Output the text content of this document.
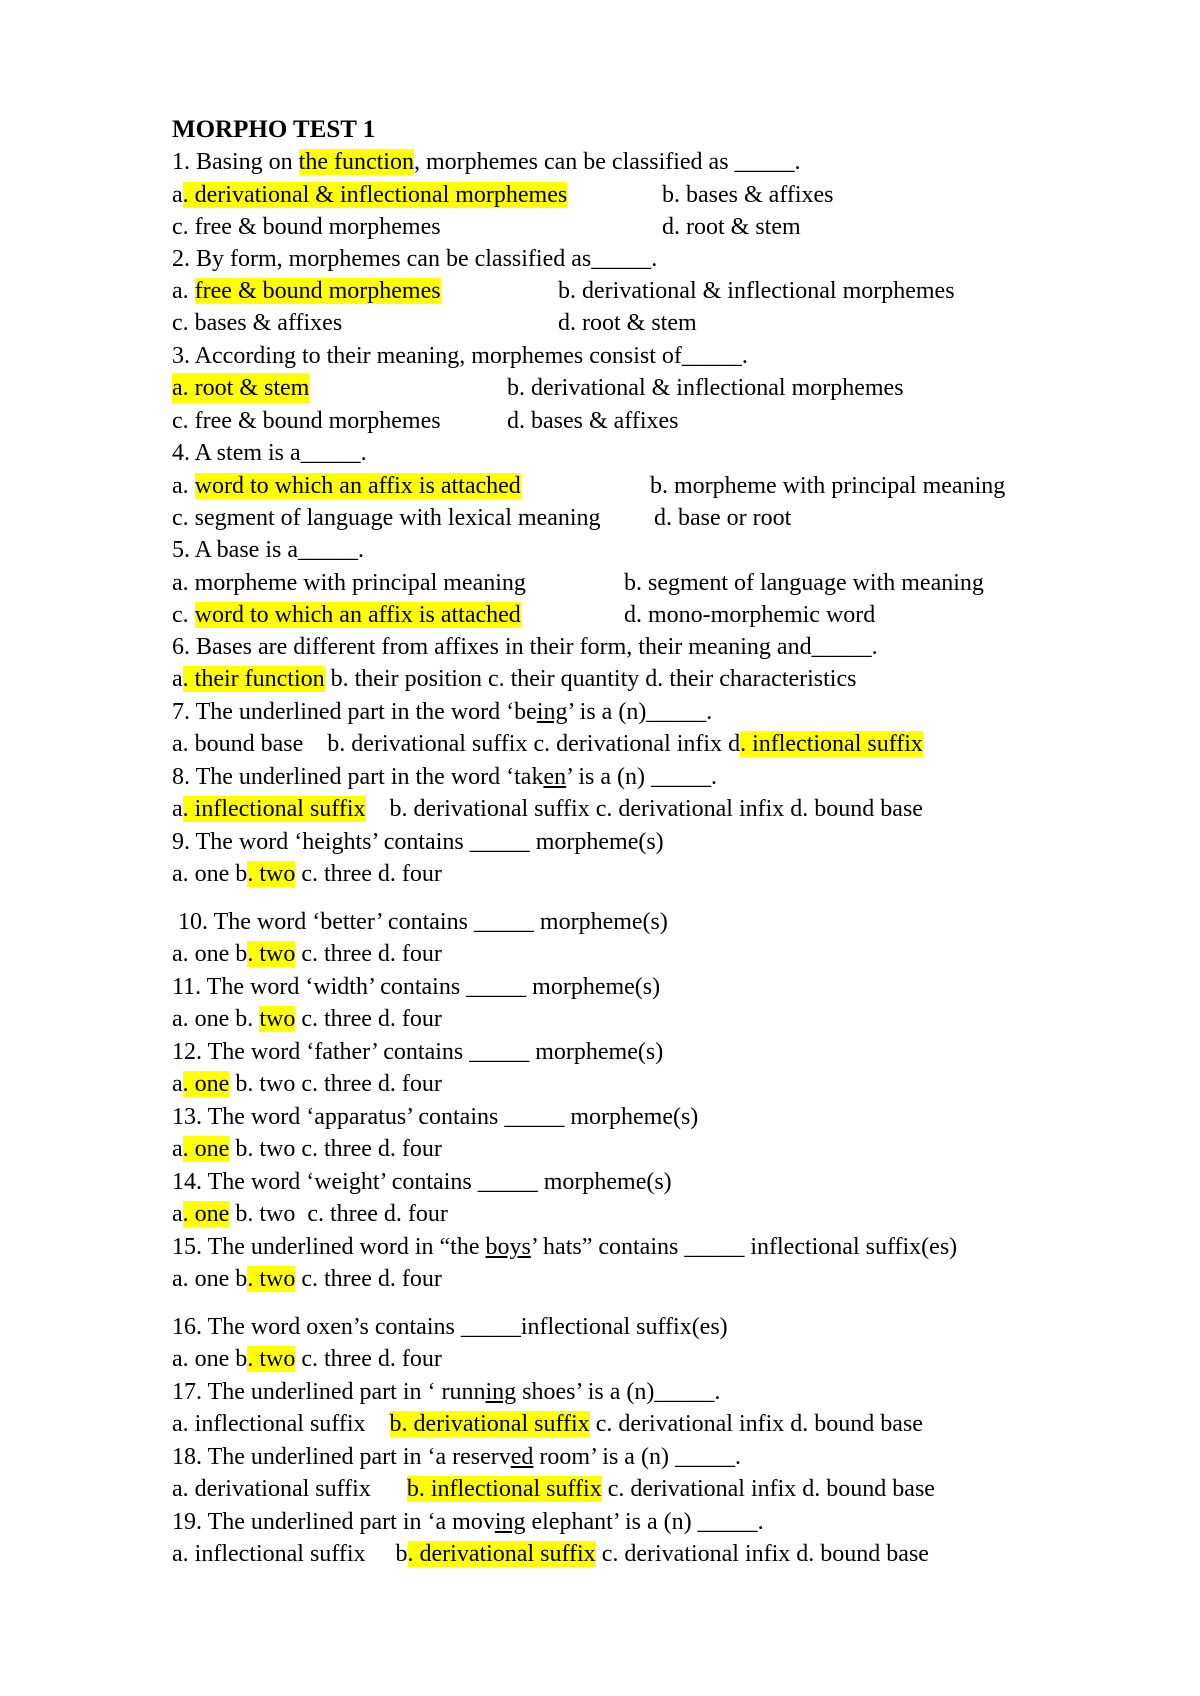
MORPHO TEST 1
1. Basing on the function, morphemes can be classified as _____.

a. derivational & inflectional morphemes

	b. bases & affixes

c. free & bound morphemes

	d. root & stem

2. By form, morphemes can be classified as_____.

a. free & bound morphemes

	b. derivational & inflectional morphemes

c. bases & affixes

	d. root & stem

3. According to their meaning, morphemes consist of_____.

a. root & stem

	b. derivational & inflectional morphemes

c. free & bound morphemes

	d. bases & affixes

4. A stem is a_____.

a. word to which an affix is attached

	b. morpheme with principal meaning

c. segment of language with lexical meaning

d. base or root

5. A base is a_____.

a. morpheme with principal meaning

	b. segment of language with meaning

c. word to which an affix is attached

	d. mono-morphemic word

6. Bases are different from affixes in their form, their meaning and_____.
a. their function b. their position c. their quantity d. their characteristics
7. The underlined part in the word ‘being’ is a (n)_____.
a. bound base    b. derivational suffix c. derivational infix d. inflectional suffix
8. The underlined part in the word ‘taken’ is a (n) _____.
a. inflectional suffix    b. derivational suffix c. derivational infix d. bound base
9. The word ‘heights’ contains _____ morpheme(s)
a. one b. two c. three d. four
10. The word ‘better’ contains _____ morpheme(s)
a. one b. two c. three d. four
11. The word ‘width’ contains _____ morpheme(s)
a. one b. two c. three d. four
12. The word ‘father’ contains _____ morpheme(s)
a. one b. two c. three d. four
13. The word ‘apparatus’ contains _____ morpheme(s)
a. one b. two c. three d. four
14. The word ‘weight’ contains _____ morpheme(s)
a. one b. two  c. three d. four
15. The underlined word in “the boys’ hats” contains _____ inflectional suffix(es)
a. one b. two c. three d. four
16. The word oxen’s contains _____inflectional suffix(es)
a. one b. two c. three d. four
17. The underlined part in ‘ running shoes’ is a (n)_____.
a. inflectional suffix    b. derivational suffix c. derivational infix d. bound base
18. The underlined part in ‘a reserved room’ is a (n) _____.
a. derivational suffix      b. inflectional suffix c. derivational infix d. bound base
19. The underlined part in ‘a moving elephant’ is a (n) _____.
a. inflectional suffix     b. derivational suffix c. derivational infix d. bound base
